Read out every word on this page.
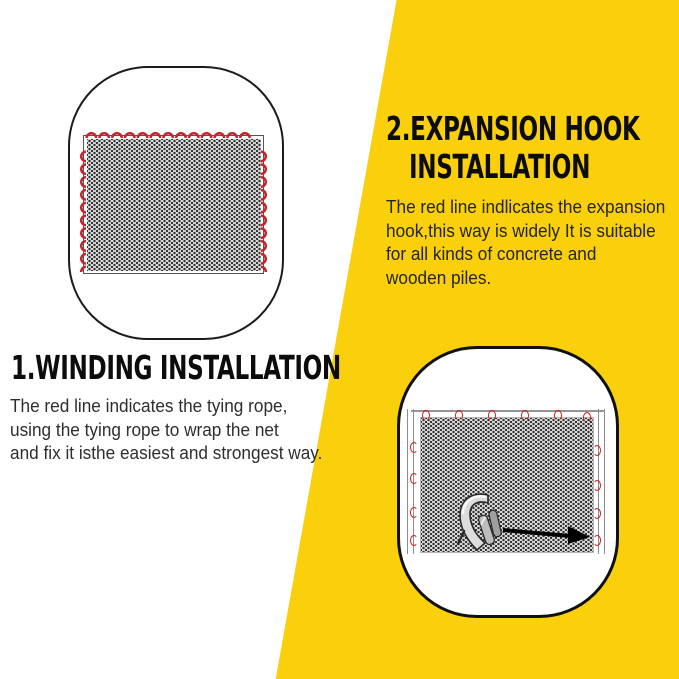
1.WINDING INSTALLATION
The red line indicates the tying rope,
using the tying rope to wrap the net
and fix it isthe easiest and strongest way.
2.EXPANSION HOOK
INSTALLATION
The red line indlicates the expansion
hook,this way is widely It is suitable
for all kinds of concrete and
wooden piles.
